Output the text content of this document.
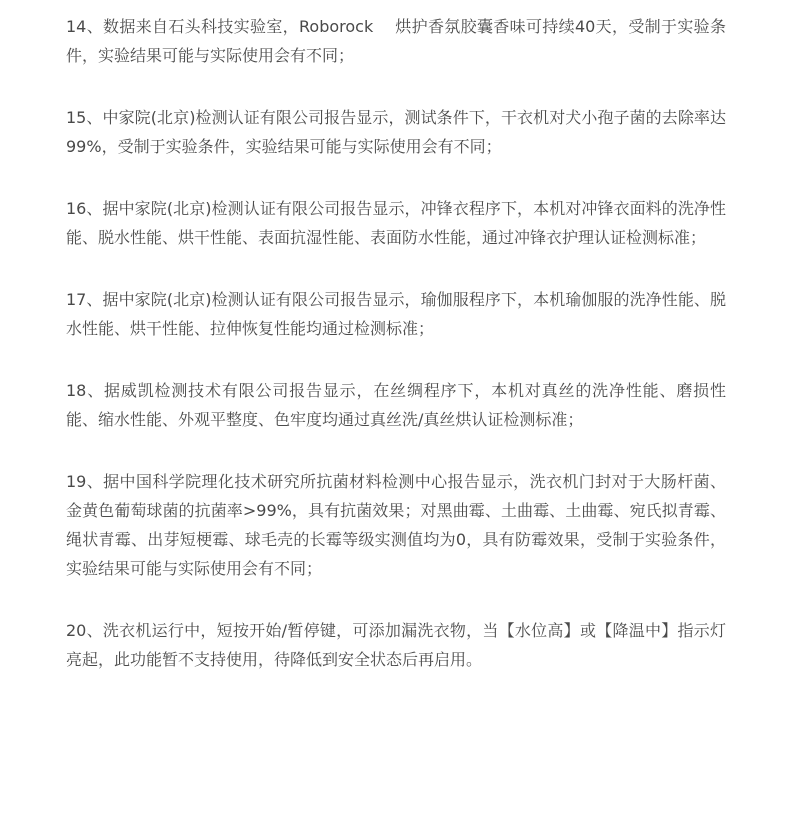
14、数据来自石头科技实验室，Roborock　 烘护香氛胶囊香味可持续40天，受制于实验条件，实验结果可能与实际使用会有不同；

15、中家院(北京)检测认证有限公司报告显示，测试条件下，干衣机对犬小孢子菌的去除率达99%，受制于实验条件，实验结果可能与实际使用会有不同；

16、据中家院(北京)检测认证有限公司报告显示，冲锋衣程序下，本机对冲锋衣面料的洗净性能、脱水性能、烘干性能、表面抗湿性能、表面防水性能，通过冲锋衣护理认证检测标准；

17、据中家院(北京)检测认证有限公司报告显示，瑜伽服程序下，本机瑜伽服的洗净性能、脱水性能、烘干性能、拉伸恢复性能均通过检测标准；

18、据威凯检测技术有限公司报告显示，在丝绸程序下，本机对真丝的洗净性能、磨损性能、缩水性能、外观平整度、色牢度均通过真丝洗/真丝烘认证检测标准；

19、据中国科学院理化技术研究所抗菌材料检测中心报告显示，洗衣机门封对于大肠杆菌、金黄色葡萄球菌的抗菌率>99%，具有抗菌效果；对黑曲霉、土曲霉、土曲霉、宛氏拟青霉、绳状青霉、出芽短梗霉、球毛壳的长霉等级实测值均为0，具有防霉效果，受制于实验条件，实验结果可能与实际使用会有不同；

20、洗衣机运行中，短按开始/暂停键，可添加漏洗衣物，当【水位高】或【降温中】指示灯亮起，此功能暂不支持使用，待降低到安全状态后再启用。
